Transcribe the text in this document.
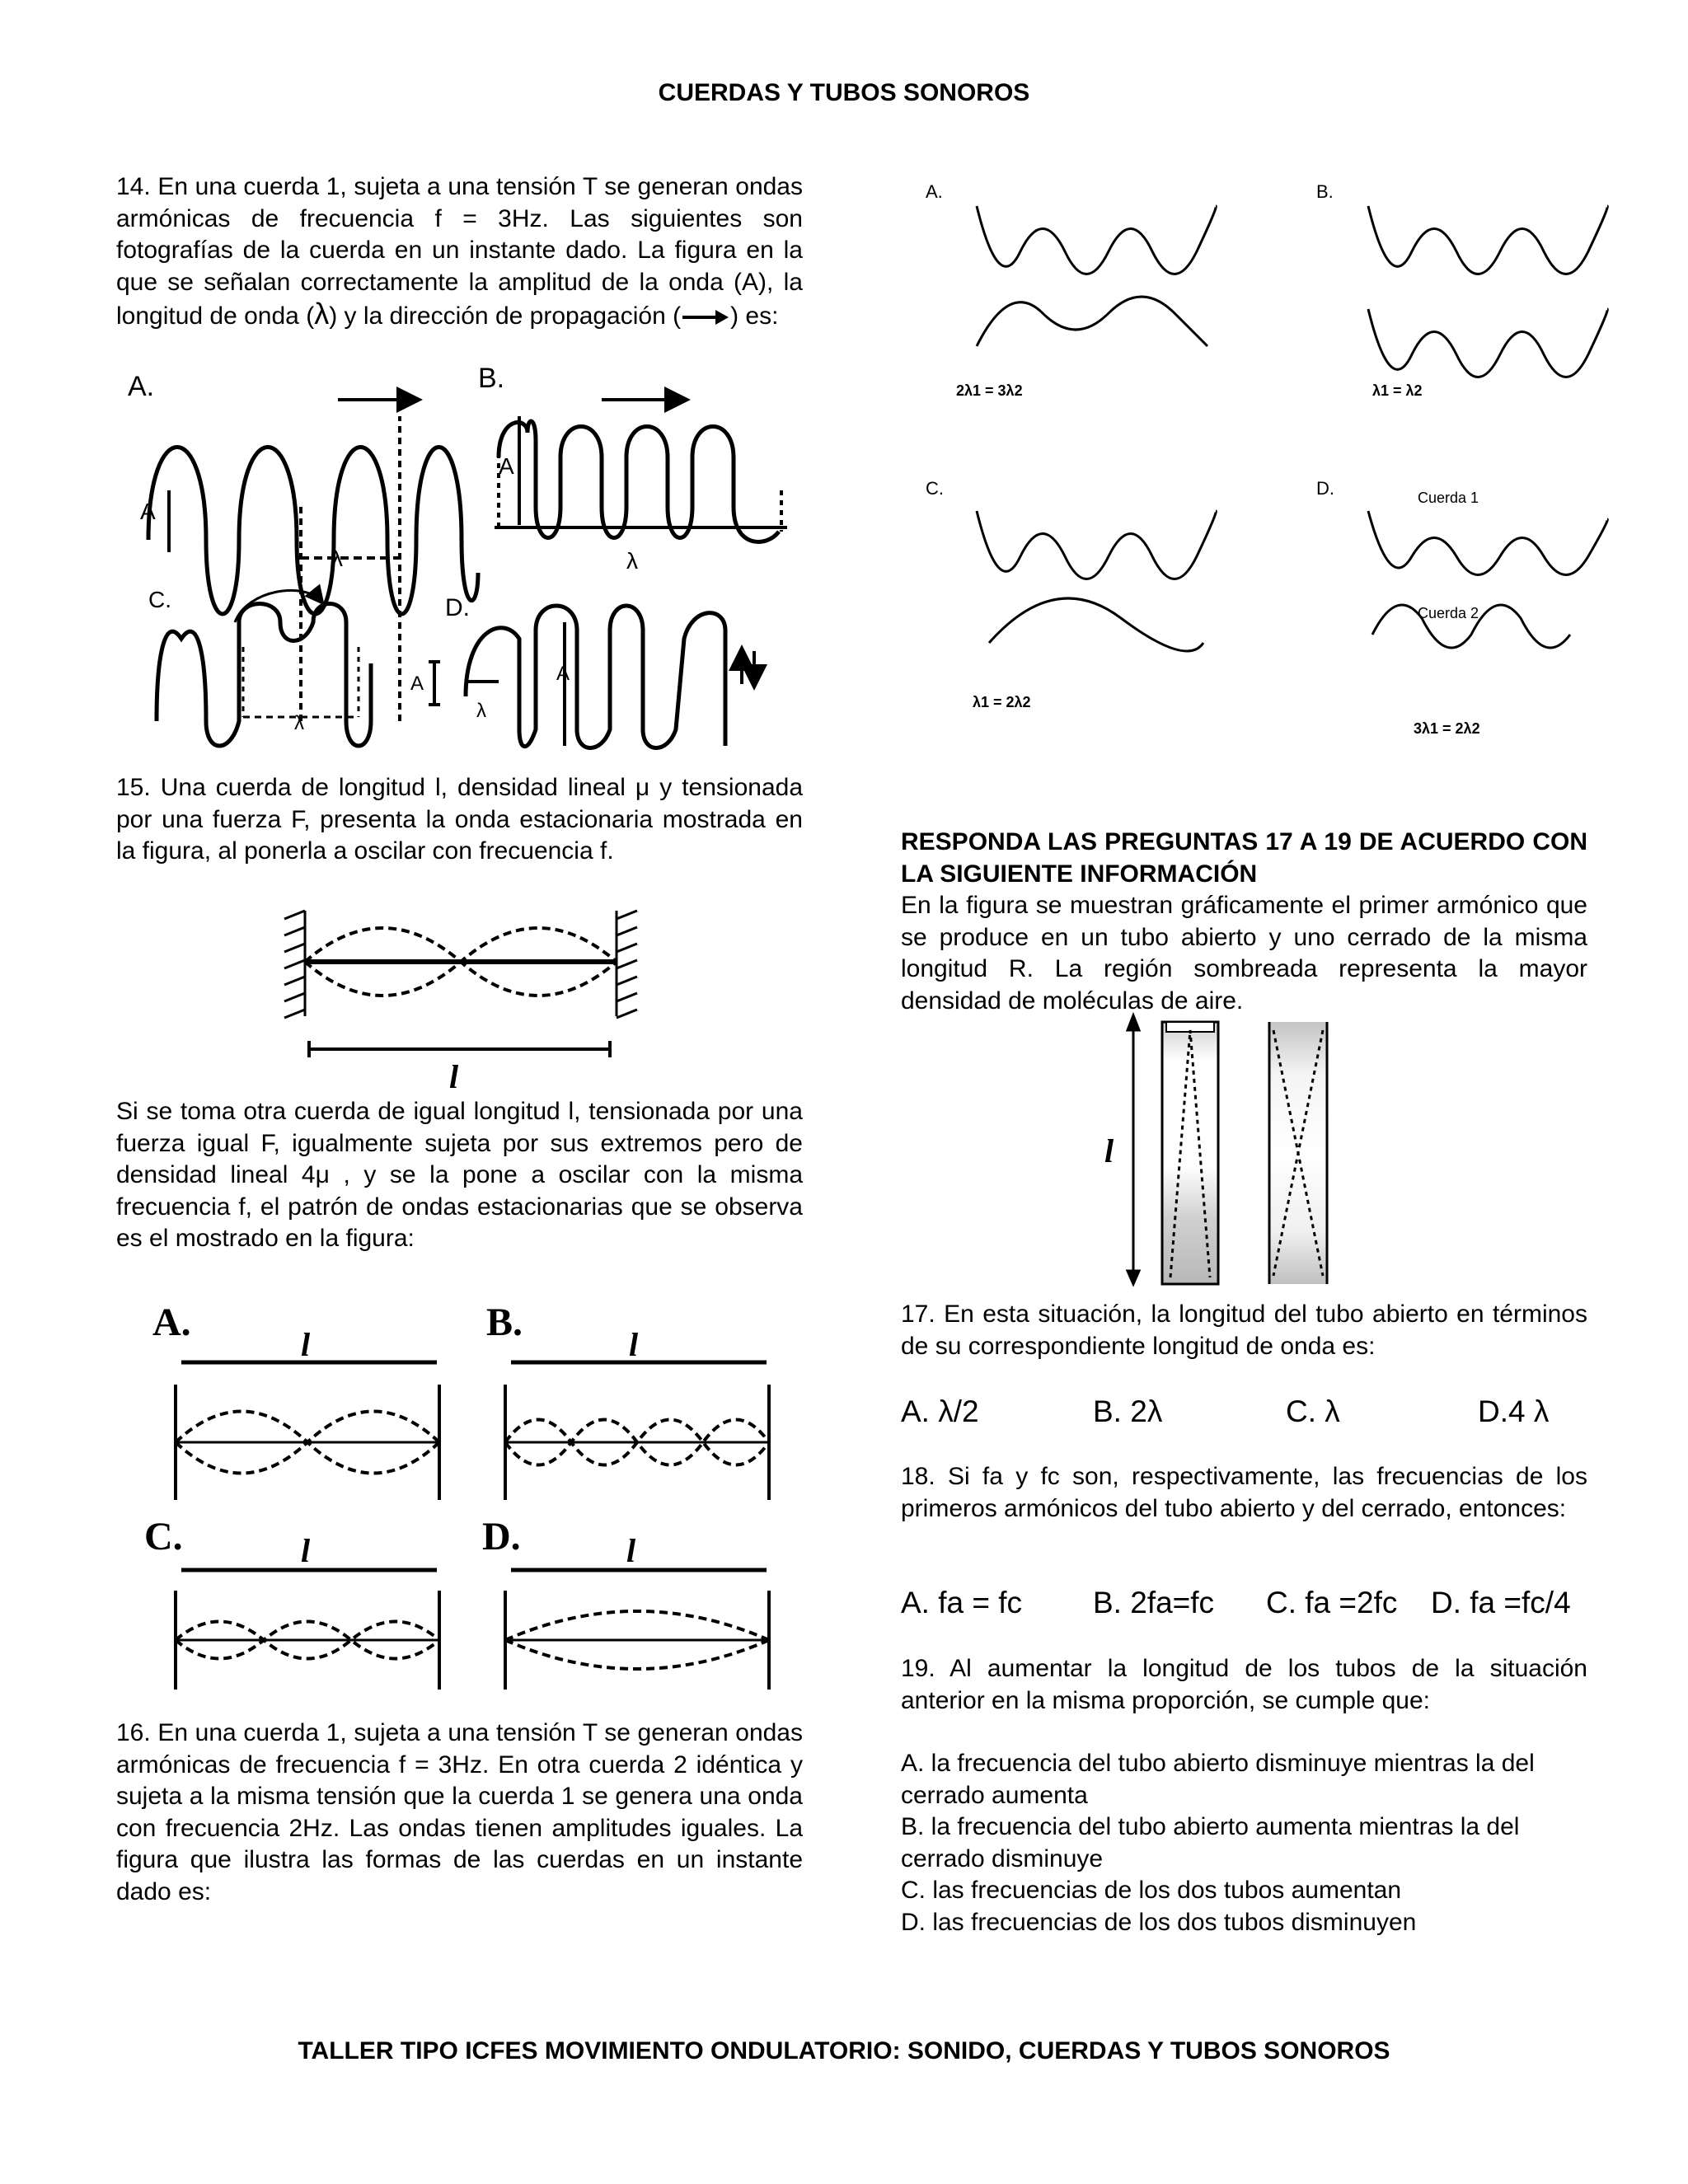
CUERDAS Y TUBOS SONOROS
14. En una cuerda 1, sujeta a una tensión T se generan ondas armónicas de frecuencia f = 3Hz. Las siguientes son fotografías de la cuerda en un instante dado. La figura en la que se señalan correctamente la amplitud de la onda (A), la longitud de onda (λ) y la dirección de propagación ( ) es:
A.	B.
C.	D.
A
λ
A
λ
λ
A
λ
A
15. Una cuerda de longitud l, densidad lineal μ y tensionada por una fuerza F, presenta la onda estacionaria mostrada en la figura, al ponerla a oscilar con frecuencia f.
l
Si se toma otra cuerda de igual longitud l, tensionada por una fuerza igual F, igualmente sujeta por sus extremos pero de densidad lineal 4μ , y se la pone a oscilar con la misma frecuencia f, el patrón de ondas estacionarias que se observa es el mostrado en la figura:
A.	B.
C.	D.
l	l
l	l
16. En una cuerda 1, sujeta a una tensión T se generan ondas armónicas de frecuencia f = 3Hz. En otra cuerda 2 idéntica y sujeta a la misma tensión que la cuerda 1 se genera una onda con frecuencia 2Hz. Las ondas tienen amplitudes iguales. La figura que ilustra las formas de las cuerdas en un instante dado es:
A.	B.
C.	D.
2λ1 = 3λ2	λ1 = λ2
λ1 = 2λ2
3λ1 = 2λ2
Cuerda 1
Cuerda 2
RESPONDA LAS PREGUNTAS 17 A 19 DE ACUERDO CON LA SIGUIENTE INFORMACIÓN
En la figura se muestran gráficamente el primer armónico que se produce en un tubo abierto y uno cerrado de la misma longitud R. La región sombreada representa la mayor densidad de moléculas de aire.
l
17. En esta situación, la longitud del tubo abierto en términos de su correspondiente longitud de onda es:
A. λ/2	B. 2λ	C. λ	D.4 λ
18. Si fa y fc son, respectivamente, las frecuencias de los primeros armónicos del tubo abierto y del cerrado, entonces:
A. fa = fc B. 2fa=fc C. fa =2fc D. fa =fc/4
19. Al aumentar la longitud de los tubos de la situación anterior en la misma proporción, se cumple que:

A. la frecuencia del tubo abierto disminuye mientras la del cerrado aumenta

B. la frecuencia del tubo abierto aumenta mientras la del cerrado disminuye

C. las frecuencias de los dos tubos aumentan

D. las frecuencias de los dos tubos disminuyen

TALLER TIPO ICFES MOVIMIENTO ONDULATORIO: SONIDO, CUERDAS Y TUBOS SONOROS
